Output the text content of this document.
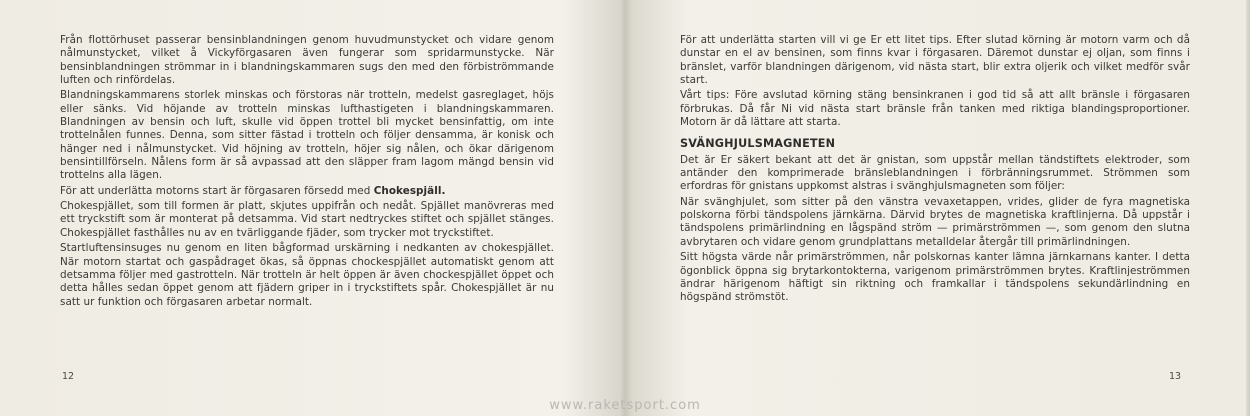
Från flottörhuset passerar bensinblandningen genom huvudmunstycket och vidare genom nålmunstycket, vilket å Vickyförgasaren även fungerar som spridarmunstycke. När bensinblandningen strömmar in i blandningskammaren sugs den med den förbiströmmande luften och rinfördelas.

Blandningskammarens storlek minskas och förstoras när trotteln, medelst gasreglaget, höjs eller sänks. Vid höjande av trotteln minskas lufthastigeten i blandningskammaren. Blandningen av bensin och luft, skulle vid öppen trottel bli mycket bensinfattig, om inte trottelnålen funnes. Denna, som sitter fästad i trotteln och följer densamma, är konisk och hänger ned i nålmunstycket. Vid höjning av trotteln, höjer sig nålen, och ökar därigenom bensintillförseln. Nålens form är så avpassad att den släpper fram lagom mängd bensin vid trottelns alla lägen.

För att underlätta motorns start är förgasaren försedd med Chokespjäll.

Chokespjället, som till formen är platt, skjutes uppifrån och nedåt. Spjället manövreras med ett tryckstift som är monterat på detsamma. Vid start nedtryckes stiftet och spjället stänges. Chokespjället fasthålles nu av en tvärliggande fjäder, som trycker mot tryckstiftet.

Startluftensinsuges nu genom en liten bågformad urskärning i nedkanten av chokespjället. När motorn startat och gaspådraget ökas, så öppnas chockespjället automatiskt genom att detsamma följer med gastrotteln. När trotteln är helt öppen är även chockespjället öppet och detta hålles sedan öppet genom att fjädern griper in i tryckstiftets spår. Chokespjället är nu satt ur funktion och förgasaren arbetar normalt.

12

För att underlätta starten vill vi ge Er ett litet tips. Efter slutad körning är motorn varm och då dunstar en el av bensinen, som finns kvar i förgasaren. Däremot dunstar ej oljan, som finns i bränslet, varför blandningen därigenom, vid nästa start, blir extra oljerik och vilket medför svår start.

Vårt tips: Före avslutad körning stäng bensinkranen i god tid så att allt bränsle i förgasaren förbrukas. Då får Ni vid nästa start bränsle från tanken med riktiga blandingsproportioner. Motorn är då lättare att starta.

SVÄNGHJULSMAGNETEN

Det är Er säkert bekant att det är gnistan, som uppstår mellan tändstiftets elektroder, som antänder den komprimerade bränsleblandningen i förbränningsrummet. Strömmen som erfordras för gnistans uppkomst alstras i svänghjulsmagneten som följer:

När svänghjulet, som sitter på den vänstra vevaxetappen, vrides, glider de fyra magnetiska polskorna förbi tändspolens järnkärna. Därvid brytes de magnetiska kraftlinjerna. Då uppstår i tändspolens primärlindning en lågspänd ström — primärströmmen —, som genom den slutna avbrytaren och vidare genom grundplattans metalldelar återgår till primärlindningen.

Sitt högsta värde når primärströmmen, når polskornas kanter lämna järnkarnans kanter. I detta ögonblick öppna sig brytarkontokterna, varigenom primärströmmen brytes. Kraftlinjeströmmen ändrar härigenom häftigt sin riktning och framkallar i tändspolens sekundärlindning en högspänd strömstöt.

13
www.raketsport.com
